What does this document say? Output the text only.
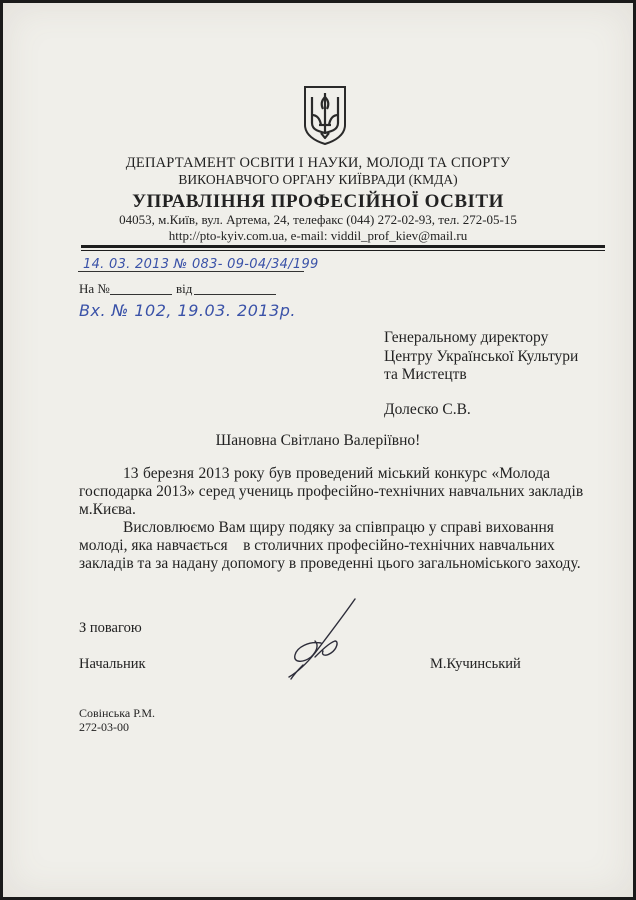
ДЕПАРТАМЕНТ ОСВІТИ І НАУКИ, МОЛОДІ ТА СПОРТУ
ВИКОНАВЧОГО ОРГАНУ КИЇВРАДИ (КМДА)
УПРАВЛІННЯ ПРОФЕСІЙНОЇ ОСВІТИ
04053, м.Київ, вул. Артема, 24, телефакс (044) 272-02-93, тел. 272-05-15
http://pto-kyiv.com.ua, e-mail: viddil_prof_kiev@mail.ru
14. 03. 2013 № 083- 09-04/34/199
На №	від
Вх. № 102, 19.03. 2013р.
Генеральному директору
Центру Української Культури
та Мистецтв
Долеско С.В.
Шановна Світлано Валеріївно!
13 березня 2013 року був проведений міський конкурс «Молода
господарка 2013» серед учениць професійно-технічних навчальних закладів
м.Києва.
Висловлюємо Вам щиру подяку за співпрацю у справі виховання
молоді, яка навчається    в столичних професійно-технічних навчальних
закладів та за надану допомогу в проведенні цього загальноміського заходу.
З повагою
Начальник	М.Кучинський
Совінська Р.М.
272-03-00
